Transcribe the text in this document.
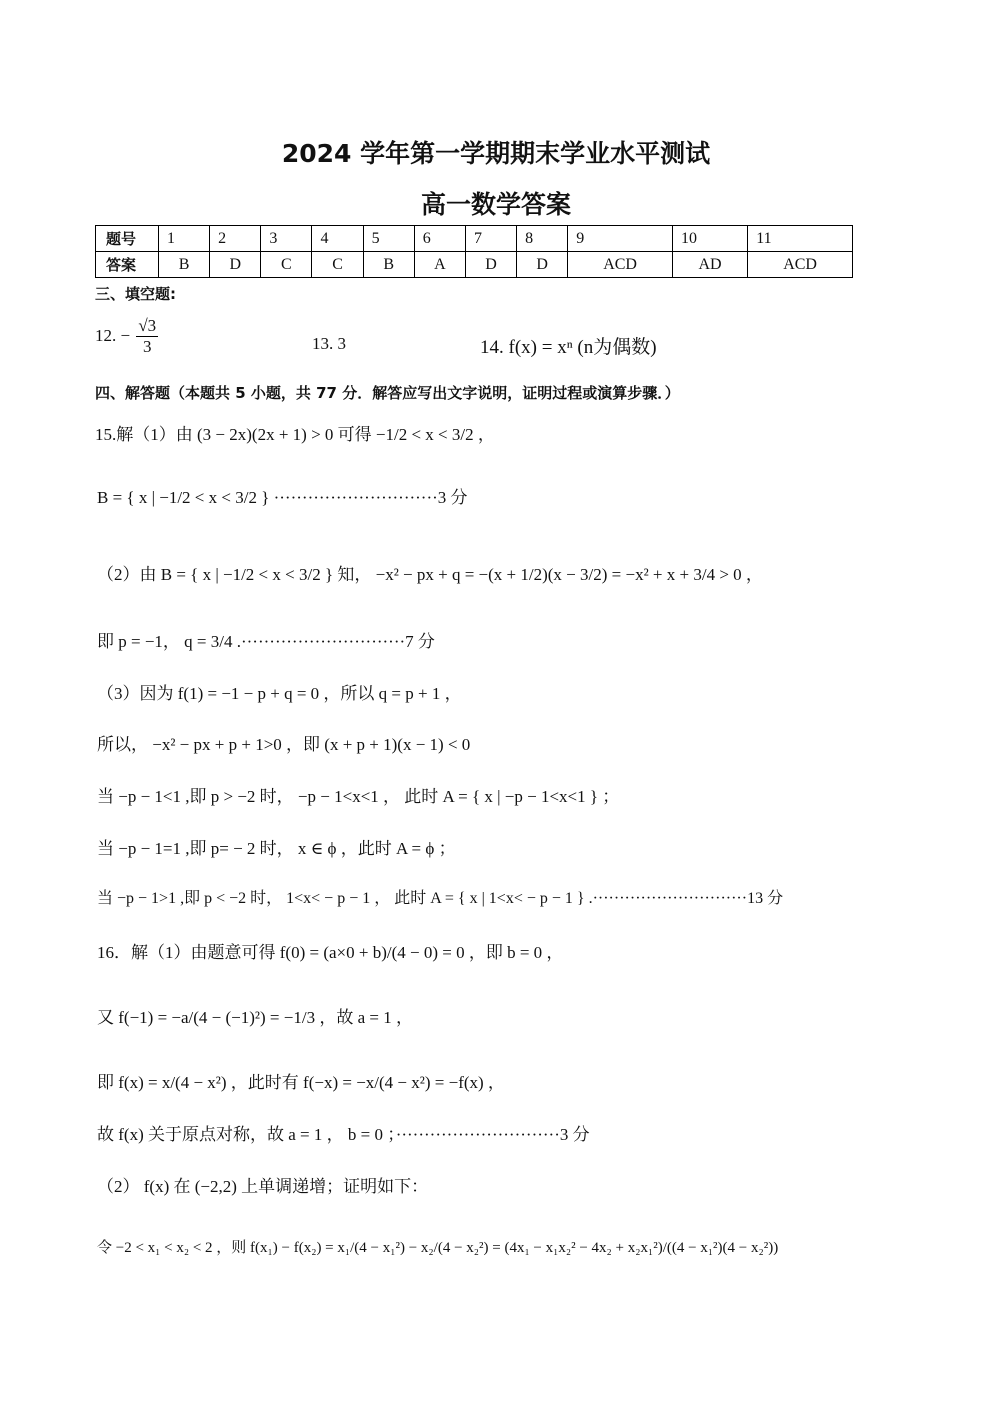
2024 学年第一学期期末学业水平测试
高一数学答案
题号	1	2	3	4	5	6	7	8	9	10	11
答案	B	D	C	C	B	A	D	D	ACD	AD	ACD
三、填空题:
12. − $\frac{√3}{3}$	13. 3	14. f(x) = xⁿ (n为偶数)
四、解答题（本题共 5 小题，共 77 分．解答应写出文字说明，证明过程或演算步骤．）
15.解（1）由 (3 − 2x)(2x + 1) > 0 可得 −1/2 < x < 3/2 ，
B = { x | −1/2 < x < 3/2 } ·····························3 分
（2）由 B = { x | −1/2 < x < 3/2 } 知， −x² − px + q = −(x + 1/2)(x − 3/2) = −x² + x + 3/4 > 0 ，
即 p = −1， q = 3/4 .·····························7 分
（3）因为 f(1) = −1 − p + q = 0 ，所以 q = p + 1 ，
所以， −x² − px + p + 1>0 ，即 (x + p + 1)(x − 1) < 0
当 −p − 1<1 ,即 p > −2 时， −p − 1<x<1 ， 此时 A = { x | −p − 1<x<1 } ；
当 −p − 1=1 ,即 p= − 2 时， x ∈ ϕ ，此时 A = ϕ ；
当 −p − 1>1 ,即 p < −2 时， 1<x< − p − 1 ， 此时 A = { x | 1<x< − p − 1 } .·····························13 分
16．解（1）由题意可得 f(0) = (a×0 + b)/(4 − 0) = 0 ，即 b = 0 ，
又 f(−1) = −a/(4 − (−1)²) = −1/3 ，故 a = 1 ，
即 f(x) = x/(4 − x²) ，此时有 f(−x) = −x/(4 − x²) = −f(x) ，
故 f(x) 关于原点对称，故 a = 1 ， b = 0 ；·····························3 分
（2） f(x) 在 (−2,2) 上单调递增；证明如下：
令 −2 < x₁ < x₂ < 2 ，则 f(x₁) − f(x₂) = x₁/(4 − x₁²) − x₂/(4 − x₂²) = (4x₁ − x₁x₂² − 4x₂ + x₂x₁²)/((4 − x₁²)(4 − x₂²))
